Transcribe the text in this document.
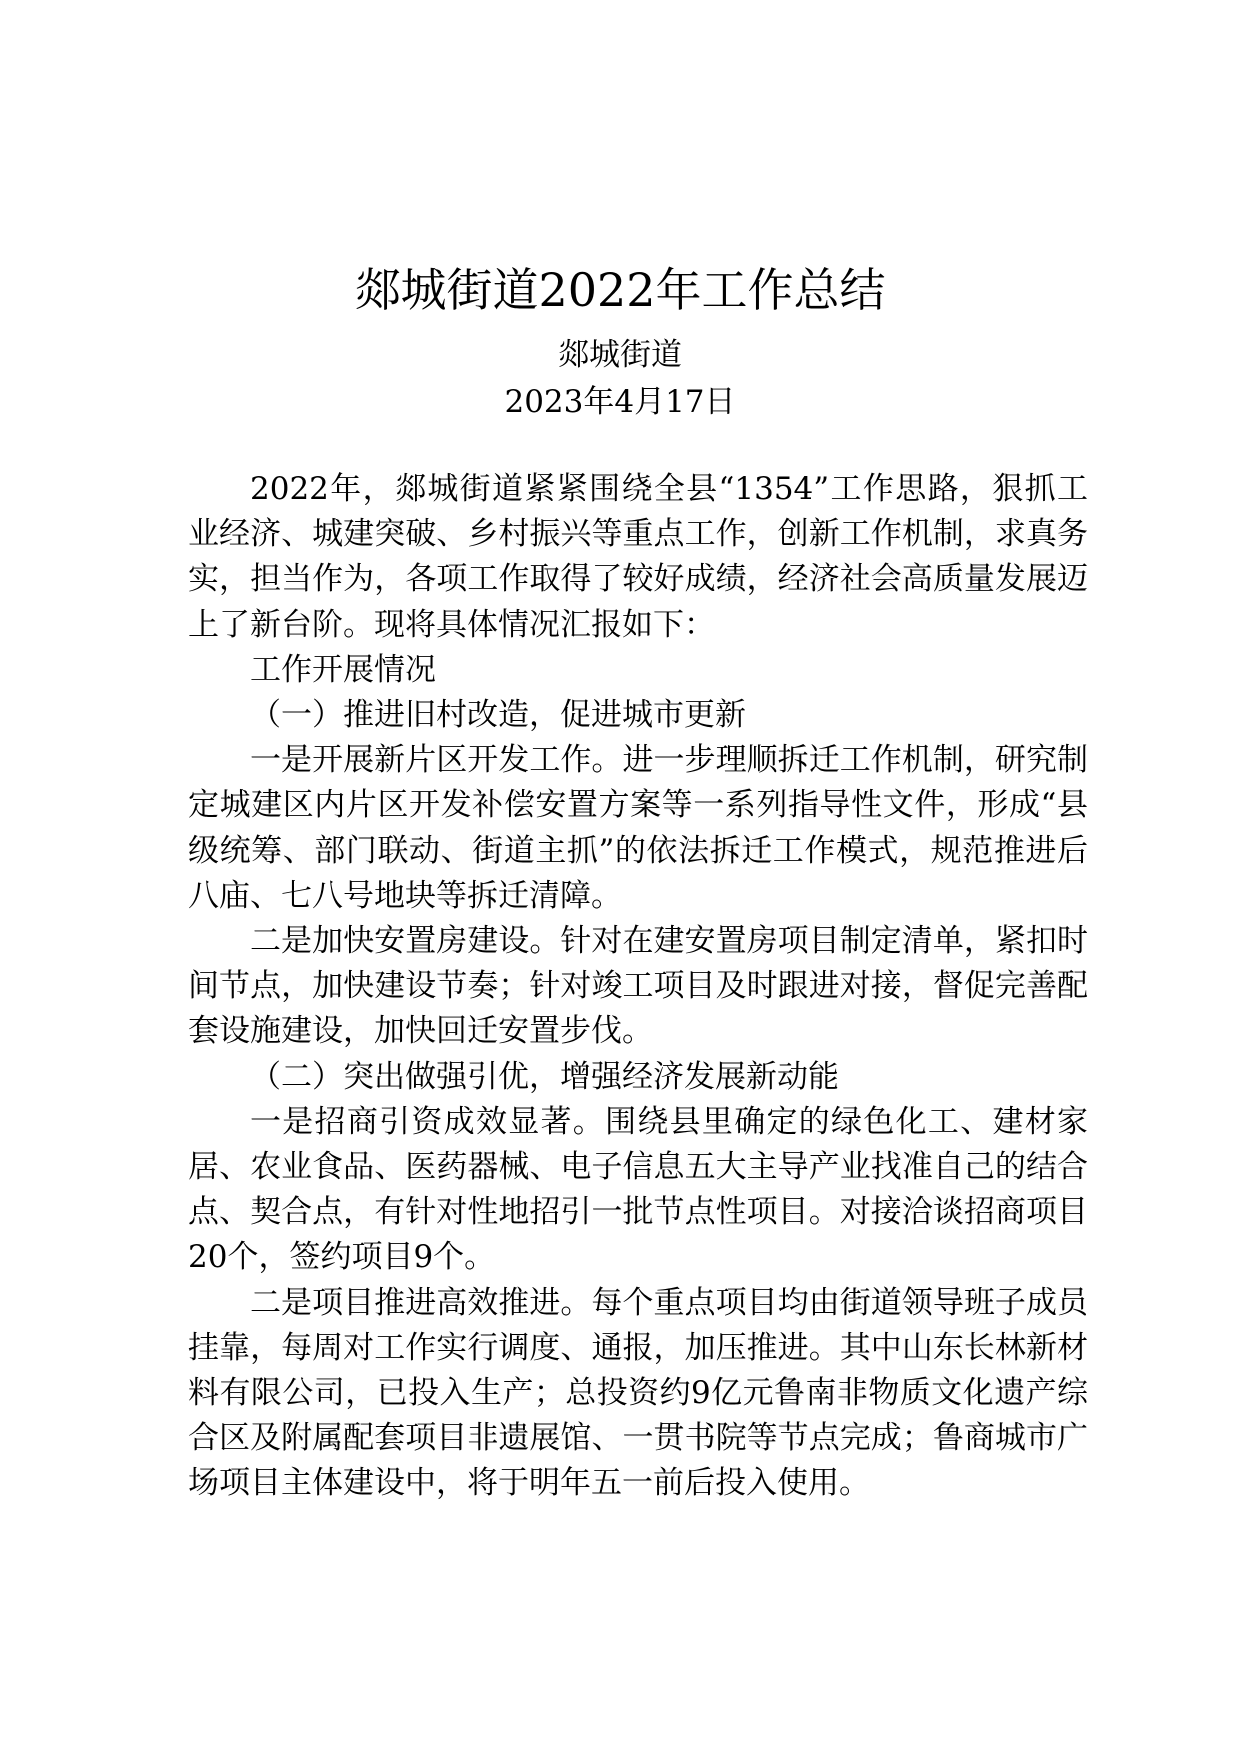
郯城街道2022年工作总结
郯城街道
2023年4月17日

2022年，郯城街道紧紧围绕全县“1354”工作思路，狠抓工业经济、城建突破、乡村振兴等重点工作，创新工作机制，求真务实，担当作为，各项工作取得了较好成绩，经济社会高质量发展迈上了新台阶。现将具体情况汇报如下：

工作开展情况

（一）推进旧村改造，促进城市更新

一是开展新片区开发工作。进一步理顺拆迁工作机制，研究制定城建区内片区开发补偿安置方案等一系列指导性文件，形成“县级统筹、部门联动、街道主抓”的依法拆迁工作模式，规范推进后八庙、七八号地块等拆迁清障。

二是加快安置房建设。针对在建安置房项目制定清单，紧扣时间节点，加快建设节奏；针对竣工项目及时跟进对接，督促完善配套设施建设，加快回迁安置步伐。

（二）突出做强引优，增强经济发展新动能

一是招商引资成效显著。围绕县里确定的绿色化工、建材家居、农业食品、医药器械、电子信息五大主导产业找准自己的结合点、契合点，有针对性地招引一批节点性项目。对接洽谈招商项目20个，签约项目9个。

二是项目推进高效推进。每个重点项目均由街道领导班子成员挂靠，每周对工作实行调度、通报，加压推进。其中山东长林新材料有限公司，已投入生产；总投资约9亿元鲁南非物质文化遗产综合区及附属配套项目非遗展馆、一贯书院等节点完成；鲁商城市广场项目主体建设中，将于明年五一前后投入使用。
